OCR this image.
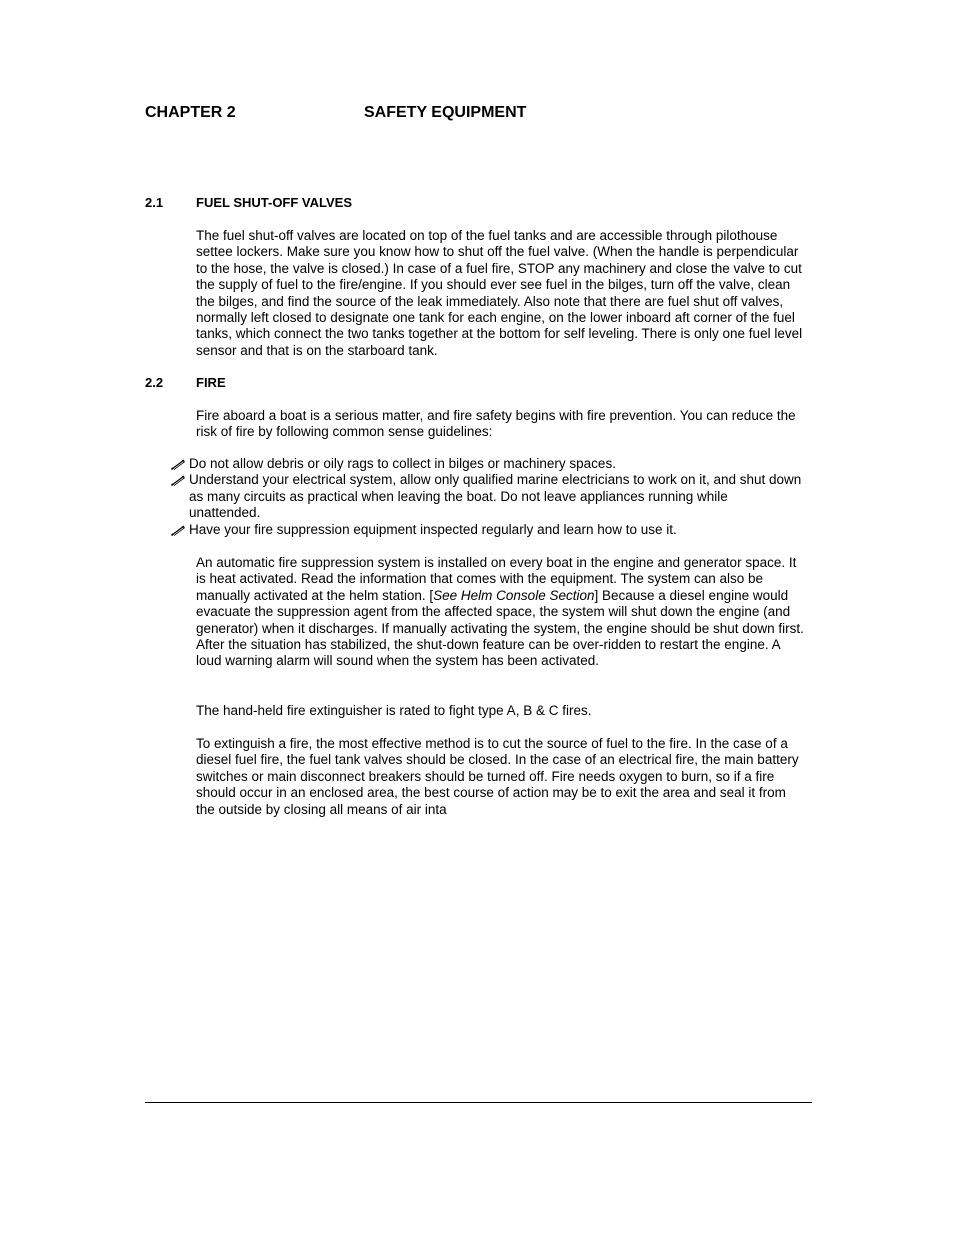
CHAPTER 2	SAFETY EQUIPMENT
2.1	FUEL SHUT-OFF VALVES

The fuel shut-off valves are located on top of the fuel tanks and are accessible through pilothouse settee lockers. Make sure you know how to shut off the fuel valve. (When the handle is perpendicular to the hose, the valve is closed.) In case of a fuel fire, STOP any machinery and close the valve to cut the supply of fuel to the fire/engine. If you should ever see fuel in the bilges, turn off the valve, clean the bilges, and find the source of the leak immediately. Also note that there are fuel shut off valves, normally left closed to designate one tank for each engine, on the lower inboard aft corner of the fuel tanks, which connect the two tanks together at the bottom for self leveling. There is only one fuel level sensor and that is on the starboard tank.

2.2	FIRE

Fire aboard a boat is a serious matter, and fire safety begins with fire prevention. You can reduce the risk of fire by following common sense guidelines:

Do not allow debris or oily rags to collect in bilges or machinery spaces.
Understand your electrical system, allow only qualified marine electricians to work on it, and shut down as many circuits as practical when leaving the boat. Do not leave appliances running while unattended.
Have your fire suppression equipment inspected regularly and learn how to use it.

An automatic fire suppression system is installed on every boat in the engine and generator space. It is heat activated. Read the information that comes with the equipment. The system can also be manually activated at the helm station. [See Helm Console Section] Because a diesel engine would evacuate the suppression agent from the affected space, the system will shut down the engine (and generator) when it discharges. If manually activating the system, the engine should be shut down first. After the situation has stabilized, the shut-down feature can be over-ridden to restart the engine. A loud warning alarm will sound when the system has been activated.

The hand-held fire extinguisher is rated to fight type A, B & C fires.

To extinguish a fire, the most effective method is to cut the source of fuel to the fire. In the case of a diesel fuel fire, the fuel tank valves should be closed. In the case of an electrical fire, the main battery switches or main disconnect breakers should be turned off. Fire needs oxygen to burn, so if a fire should occur in an enclosed area, the best course of action may be to exit the area and seal it from the outside by closing all means of air inta
